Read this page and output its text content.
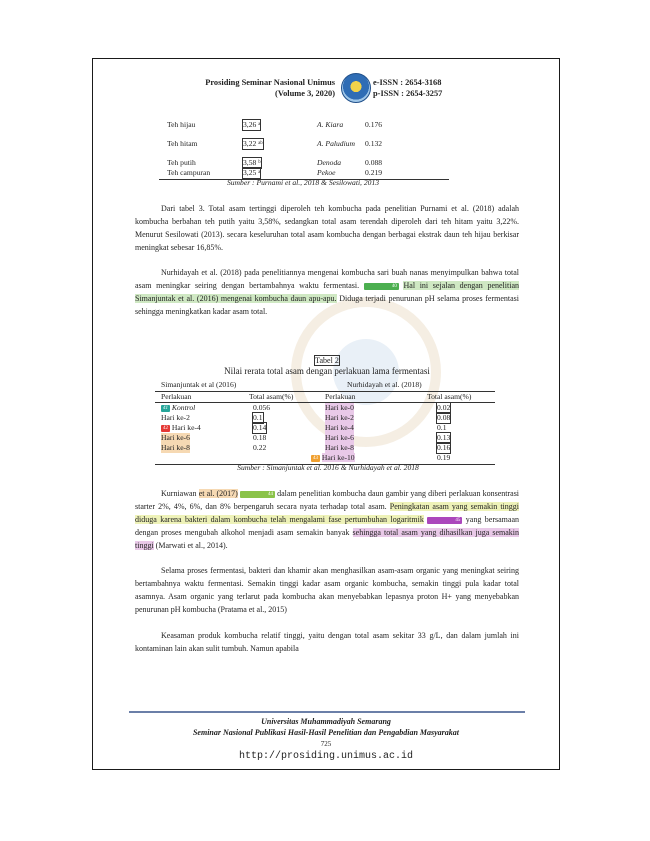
Prosiding Seminar Nasional Unimus
(Volume 3, 2020)
e-ISSN : 2654-3168
p-ISSN : 2654-3257
Teh hijau	3,26 ᵃ	A. Kiara	0.176
Teh hitam	3,22 ᵃᵇ	A. Paludium 0.132
Teh putih	3,58 ᵇ	Denoda	0.088
Teh campuran	3,25 ᵃ	Pekoe	0.219
Sumber : Purnami et al., 2018 & Sesilowati, 2013
Dari tabel 3. Total asam tertinggi diperoleh teh kombucha pada penelitian Purnami et al. (2018) adalah kombucha berbahan teh putih yaitu 3,58%, sedangkan total asam terendah diperoleh dari teh hitam yaitu 3,22%. Menurut Sesilowati (2013). secara keseluruhan total asam kombucha dengan berbagai ekstrak daun teh hijau berkisar meningkat sebesar 16,85%.
Nurhidayah et al. (2018) pada penelitiannya mengenai kombucha sari buah nanas menyimpulkan bahwa total asam meningkar seiring dengan bertambahnya waktu fermentasi.	40 Hal ini sejalan dengan penelitian Simanjuntak et al. (2016) mengenai kombucha daun apu-apu. Diduga terjadi penurunan pH selama proses fermentasi sehingga meningkatkan kadar asam total.
Tabel 2
Nilai rerata total asam dengan perlakuan lama fermentasi
Simanjuntak et al (2016)	Nurhidayah et al. (2018)
Perlakuan	Total asam(%)	Perlakuan	Total asam(%)
41 Kontrol	0.056	Hari ke-0	0.02
Hari ke-2	0.1	Hari ke-2	0.08
42 Hari ke-4	0.14	Hari ke-4	0.1
Hari ke-6	0.18	Hari ke-6	0.13
Hari ke-8	0.22	Hari ke-8	0.16
43 Hari ke-10	0.19
Sumber : Simanjuntak et al. 2016 & Nurhidayah et al. 2018
Kurniawan et al. (2017)	44 dalam penelitian kombucha daun gambir yang diberi perlakuan konsentrasi starter 2%, 4%, 6%, dan 8% berpengaruh secara nyata terhadap total asam. Peningkatan asam yang semakin tinggi diduga karena bakteri dalam kombucha telah mengalami fase pertumbuhan logaritmik	45 yang bersamaan dengan proses mengubah alkohol menjadi asam semakin banyak sehingga total asam yang dihasilkan juga semakin tinggi (Marwati et al., 2014).
Selama proses fermentasi, bakteri dan khamir akan menghasilkan asam-asam organic yang meningkat seiring bertambahnya waktu fermentasi. Semakin tinggi kadar asam organic kombucha, semakin tinggi pula kadar total asamnya. Asam organic yang terlarut pada kombucha akan menyebabkan lepasnya proton H+ yang menyebabkan penurunan pH kombucha (Pratama et al., 2015)
Keasaman produk kombucha relatif tinggi, yaitu dengan total asam sekitar 33 g/L, dan dalam jumlah ini kontaminan lain akan sulit tumbuh. Namun apabila
Universitas Muhammadiyah Semarang
Seminar Nasional Publikasi Hasil-Hasil Penelitian dan Pengabdian Masyarakat
725
http://prosiding.unimus.ac.id
